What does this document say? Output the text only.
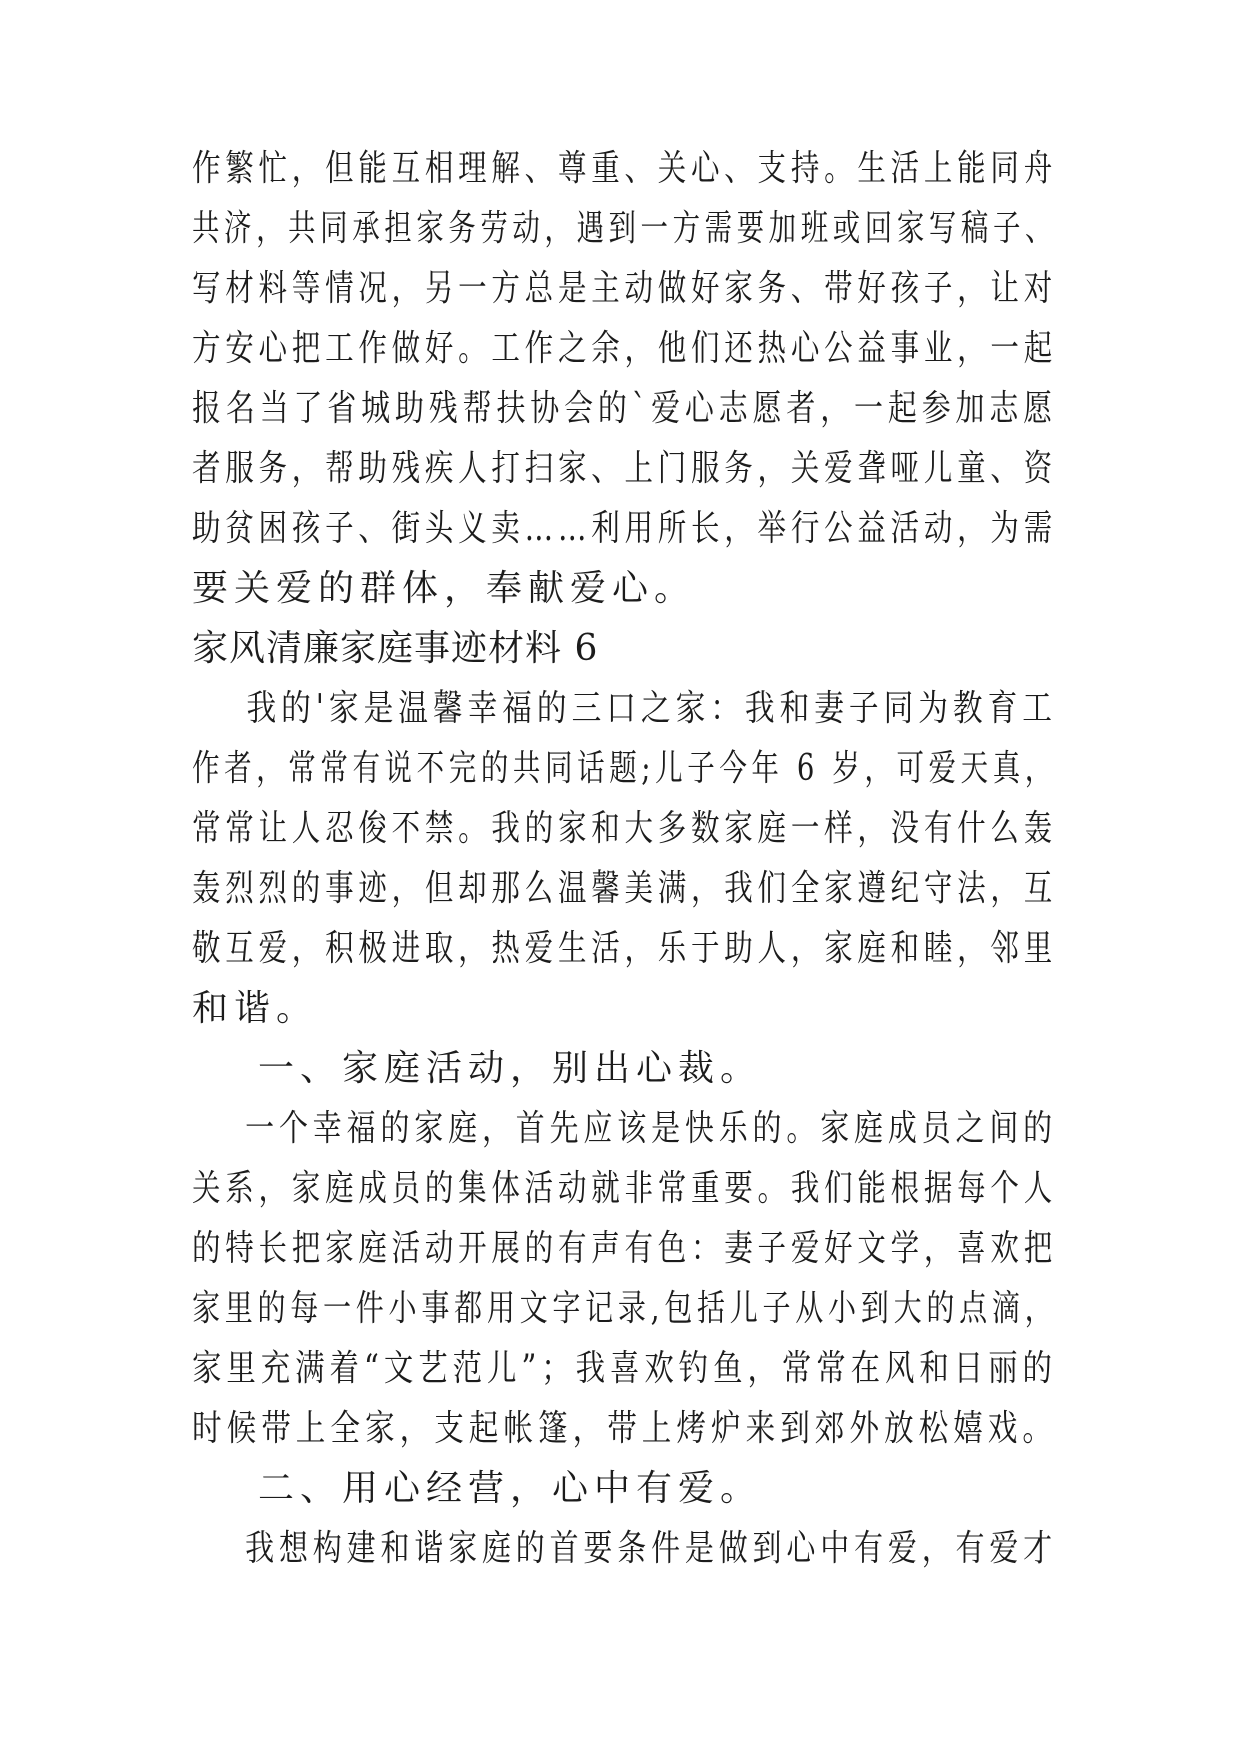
作繁忙，但能互相理解、尊重、关心、支持。生活上能同舟
共济，共同承担家务劳动，遇到一方需要加班或回家写稿子、
写材料等情况，另一方总是主动做好家务、带好孩子，让对
方安心把工作做好。工作之余，他们还热心公益事业，一起
报名当了省城助残帮扶协会的`爱心志愿者，一起参加志愿
者服务，帮助残疾人打扫家、上门服务，关爱聋哑儿童、资
助贫困孩子、街头义卖……利用所长，举行公益活动，为需
要关爱的群体，奉献爱心。
家风清廉家庭事迹材料 6
我的'家是温馨幸福的三口之家：我和妻子同为教育工
作者，常常有说不完的共同话题;儿子今年 6 岁，可爱天真，
常常让人忍俊不禁。我的家和大多数家庭一样，没有什么轰
轰烈烈的事迹，但却那么温馨美满，我们全家遵纪守法，互
敬互爱，积极进取，热爱生活，乐于助人，家庭和睦，邻里
和谐。
一、家庭活动，别出心裁。
一个幸福的家庭，首先应该是快乐的。家庭成员之间的
关系，家庭成员的集体活动就非常重要。我们能根据每个人
的特长把家庭活动开展的有声有色：妻子爱好文学，喜欢把
家里的每一件小事都用文字记录,包括儿子从小到大的点滴，
家里充满着“文艺范儿”；我喜欢钓鱼，常常在风和日丽的
时候带上全家，支起帐篷，带上烤炉来到郊外放松嬉戏。
二、用心经营，心中有爱。
我想构建和谐家庭的首要条件是做到心中有爱，有爱才
